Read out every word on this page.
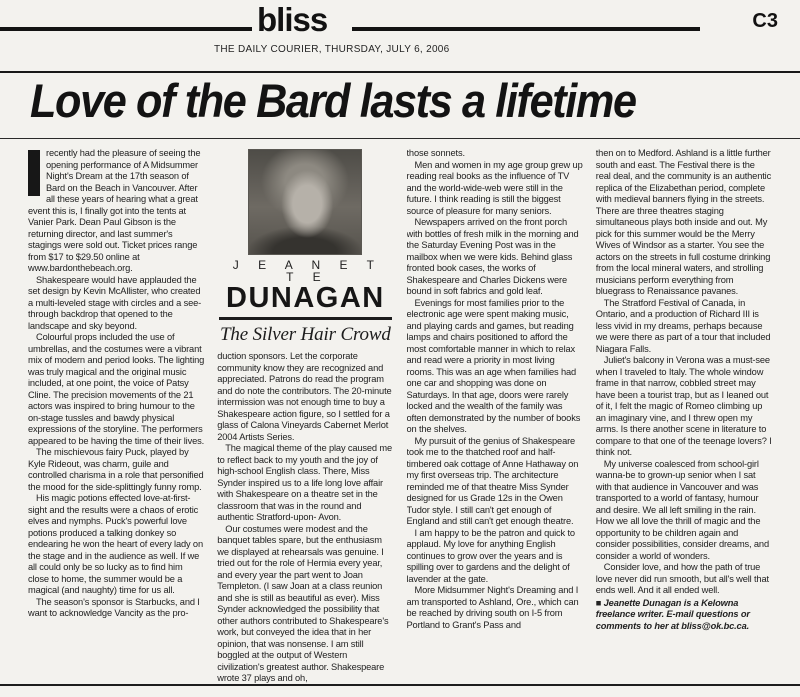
bliss	C3
THE DAILY COURIER, THURSDAY, JULY 6, 2006
Love of the Bard lasts a lifetime

recently had the pleasure of seeing the opening performance of A Midsummer Night's Dream at the 17th season of Bard on the Beach in Vancouver. After all these years of hearing what a great event this is, I finally got into the tents at Vanier Park. Dean Paul Gibson is the returning director, and last summer's stagings were sold out. Ticket prices range from $17 to $29.50 online at www.bardonthebeach.org.

Shakespeare would have applauded the set design by Kevin McAllister, who created a multi-leveled stage with circles and a see-through backdrop that opened to the landscape and sky beyond.

Colourful props included the use of umbrellas, and the costumes were a vibrant mix of modern and period looks. The lighting was truly magical and the original music included, at one point, the voice of Patsy Cline. The precision movements of the 21 actors was inspired to bring humour to the on-stage tussles and bawdy physical expressions of the storyline. The performers appeared to be having the time of their lives.

The mischievous fairy Puck, played by Kyle Rideout, was charm, guile and controlled charisma in a role that personified the mood for the side-splittingly funny romp.

His magic potions effected love-at-first-sight and the results were a chaos of erotic elves and nymphs. Puck's powerful love potions produced a talking donkey so endearing he won the heart of every lady on the stage and in the audience as well. If we all could only be so lucky as to find him close to home, the summer would be a magical (and naughty) time for us all.

The season's sponsor is Starbucks, and I want to acknowledge Vancity as the pro-

J E A N E T T E
DUNAGAN
The Silver Hair Crowd

duction sponsors. Let the corporate community know they are recognized and appreciated. Patrons do read the program and do note the contributors. The 20-minute intermission was not enough time to buy a Shakespeare action figure, so I settled for a glass of Calona Vineyards Cabernet Merlot 2004 Artists Series.

The magical theme of the play caused me to reflect back to my youth and the joy of high-school English class. There, Miss Synder inspired us to a life long love affair with Shakespeare on a theatre set in the classroom that was in the round and authentic Stratford-upon- Avon.

Our costumes were modest and the banquet tables spare, but the enthusiasm we displayed at rehearsals was genuine. I tried out for the role of Hermia every year, and every year the part went to Joan Templeton. (I saw Joan at a class reunion and she is still as beautiful as ever). Miss Synder acknowledged the possibility that other authors contributed to Shakespeare's work, but conveyed the idea that in her opinion, that was nonsense. I am still boggled at the output of Western civilization's greatest author. Shakespeare wrote 37 plays and oh,

those sonnets.

Men and women in my age group grew up reading real books as the influence of TV and the world-wide-web were still in the future. I think reading is still the biggest source of pleasure for many seniors.

Newspapers arrived on the front porch with bottles of fresh milk in the morning and the Saturday Evening Post was in the mailbox when we were kids. Behind glass fronted book cases, the works of Shakespeare and Charles Dickens were bound in soft fabrics and gold leaf.

Evenings for most families prior to the electronic age were spent making music, and playing cards and games, but reading lamps and chairs positioned to afford the most comfortable manner in which to relax and read were a priority in most living rooms. This was an age when families had one car and shopping was done on Saturdays. In that age, doors were rarely locked and the wealth of the family was often demonstrated by the number of books on the shelves.

My pursuit of the genius of Shakespeare took me to the thatched roof and half-timbered oak cottage of Anne Hathaway on my first overseas trip. The architecture reminded me of that theatre Miss Synder designed for us Grade 12s in the Owen Tudor style. I still can't get enough of England and still can't get enough theatre.

I am happy to be the patron and quick to applaud. My love for anything English continues to grow over the years and is spilling over to gardens and the delight of lavender at the gate.

More Midsummer Night's Dreaming and I am transported to Ashland, Ore., which can be reached by driving south on I-5 from Portland to Grant's Pass and

then on to Medford. Ashland is a little further south and east. The Festival there is the real deal, and the community is an authentic replica of the Elizabethan period, complete with medieval banners flying in the streets. There are three theatres staging simultaneous plays both inside and out. My pick for this summer would be the Merry Wives of Windsor as a starter. You see the actors on the streets in full costume drinking from the local mineral waters, and strolling musicians perform everything from bluegrass to Renaissance pavanes.

The Stratford Festival of Canada, in Ontario, and a production of Richard III is less vivid in my dreams, perhaps because we were there as part of a tour that included Niagara Falls.

Juliet's balcony in Verona was a must-see when I traveled to Italy. The whole window frame in that narrow, cobbled street may have been a tourist trap, but as I leaned out of it, I felt the magic of Romeo climbing up an imaginary vine, and I threw open my arms. Is there another scene in literature to compare to that one of the teenage lovers? I think not.

My universe coalesced from school-girl wanna-be to grown-up senior when I sat with that audience in Vancouver and was transported to a world of fantasy, humour and desire. We all left smiling in the rain. How we all love the thrill of magic and the opportunity to be children again and consider possibilities, consider dreams, and consider a world of wonders.

Consider love, and how the path of true love never did run smooth, but all's well that ends well. And it all ended well.

■ Jeanette Dunagan is a Kelowna freelance writer. E-mail questions or comments to her at bliss@ok.bc.ca.
